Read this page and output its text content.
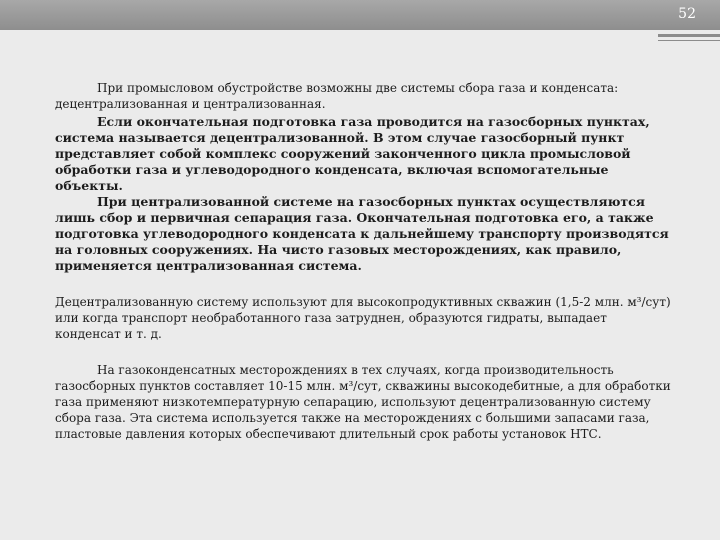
52

При промысловом обустройстве возможны две системы сбора газа и конденсата: децентрализованная и централизованная.

Если окончательная подготовка газа проводится на газосборных пунктах, система называется децентрализованной. В этом случае газосборный пункт представляет собой комплекс сооружений законченного цикла промысловой обработки газа и углеводородного конденсата, включая вспомогательные объекты.

При централизованной системе на газосборных пунктах осуществляются лишь сбор и первичная сепарация газа. Окончательная подготовка его, а также подготовка углеводородного конденсата к дальнейшему транспорту производятся на головных сооружениях. На чисто газовых месторождениях, как правило, применяется централизованная система.

Децентрализованную систему используют для высокопродуктивных скважин (1,5-2 млн. м³/сут) или когда транспорт необработанного газа затруднен, образуются гидраты, выпадает конденсат и т. д.

На газоконденсатных месторождениях в тех случаях, когда производительность газосборных пунктов составляет 10-15 млн. м³/сут, скважины высокодебитные, а для обработки газа применяют низкотемпературную сепарацию, используют децентрализованную систему сбора газа. Эта система используется также на месторождениях с большими запасами газа, пластовые давления которых обеспечивают длительный срок работы установок НТС.
